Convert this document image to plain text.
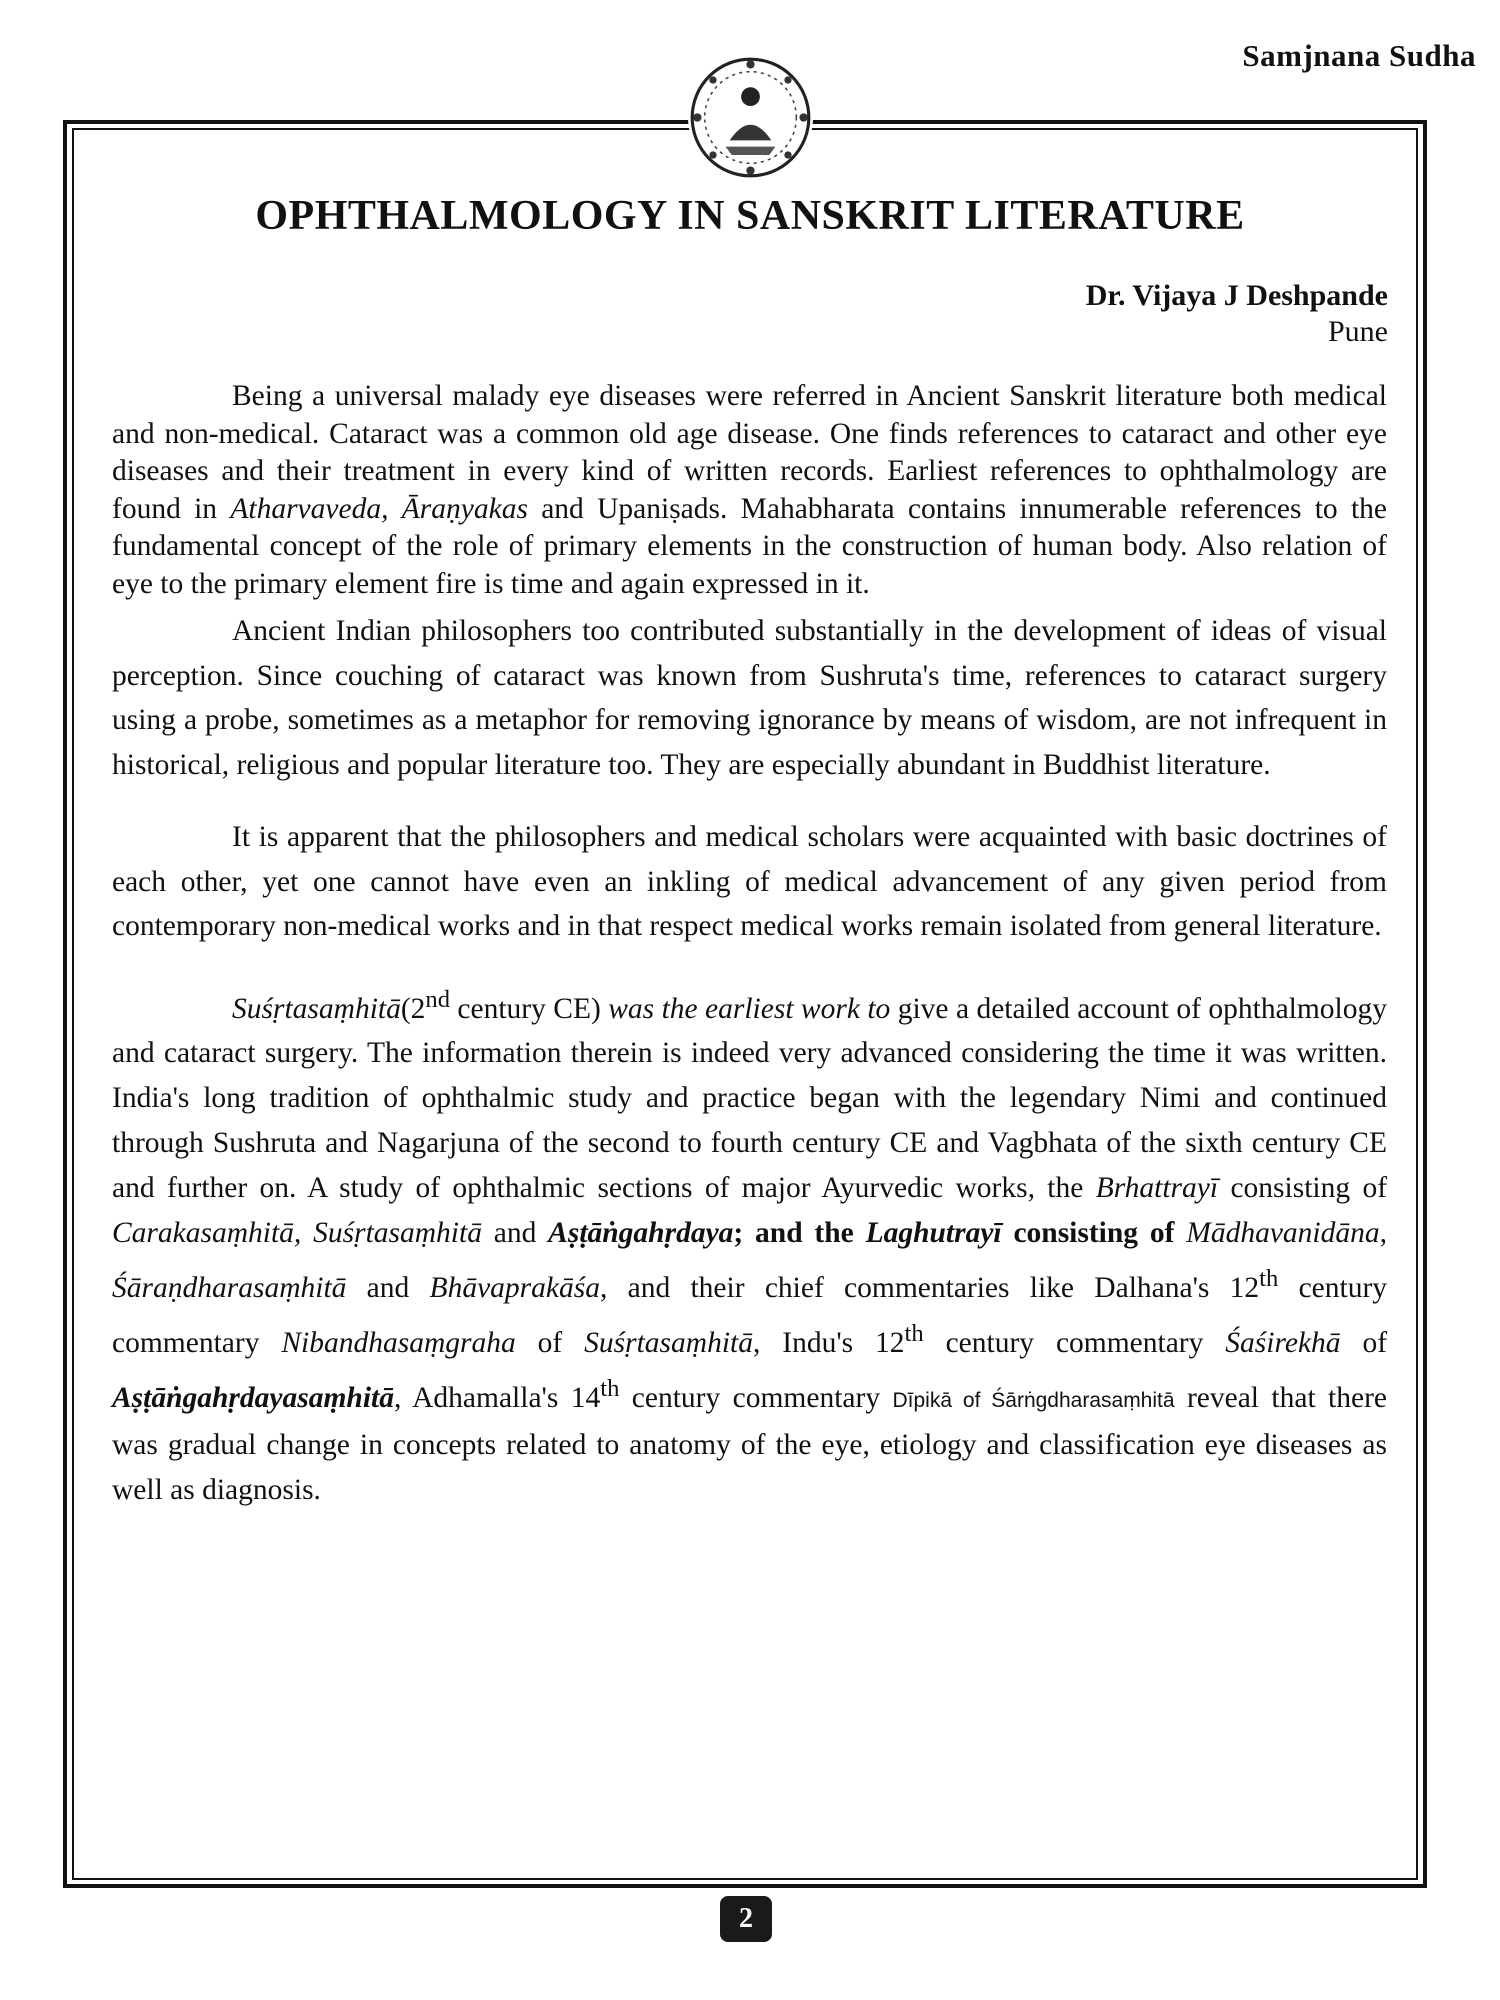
Samjnana Sudha
OPHTHALMOLOGY IN SANSKRIT LITERATURE
Dr. Vijaya J Deshpande
Pune

Being a universal malady eye diseases were referred in Ancient Sanskrit literature both medical and non-medical. Cataract was a common old age disease. One finds references to cataract and other eye diseases and their treatment in every kind of written records. Earliest references to ophthalmology are found in Atharvaveda, Āraṇyakas and Upaniṣads. Mahabharata contains innumerable references to the fundamental concept of the role of primary elements in the construction of human body. Also relation of eye to the primary element fire is time and again expressed in it.

Ancient Indian philosophers too contributed substantially in the development of ideas of visual perception. Since couching of cataract was known from Sushruta's time, references to cataract surgery using a probe, sometimes as a metaphor for removing ignorance by means of wisdom, are not infrequent in historical, religious and popular literature too. They are especially abundant in Buddhist literature.

It is apparent that the philosophers and medical scholars were acquainted with basic doctrines of each other, yet one cannot have even an inkling of medical advancement of any given period from contemporary non-medical works and in that respect medical works remain isolated from general literature.

Suśṛtasaṃhitā(2nd century CE) was the earliest work to give a detailed account of ophthalmology and cataract surgery. The information therein is indeed very advanced considering the time it was written. India's long tradition of ophthalmic study and practice began with the legendary Nimi and continued through Sushruta and Nagarjuna of the second to fourth century CE and Vagbhata of the sixth century CE and further on. A study of ophthalmic sections of major Ayurvedic works, the Brhattrayī consisting of Carakasaṃhitā, Suśṛtasaṃhitā and Aṣṭāṅgahṛdaya; and the Laghutrayī consisting of Mādhavanidāna, Śāraṇdharasaṃhitā and Bhāvaprakāśa, and their chief commentaries like Dalhana's 12th century commentary Nibandhasaṃgraha of Suśṛtasaṃhitā, Indu's 12th century commentary Śaśirekhā of Aṣṭāṅgahṛdayasaṃhitā, Adhamalla's 14th century commentary Dīpikā of Śārṅgdharasaṃhitā reveal that there was gradual change in concepts related to anatomy of the eye, etiology and classification eye diseases as well as diagnosis.

2
